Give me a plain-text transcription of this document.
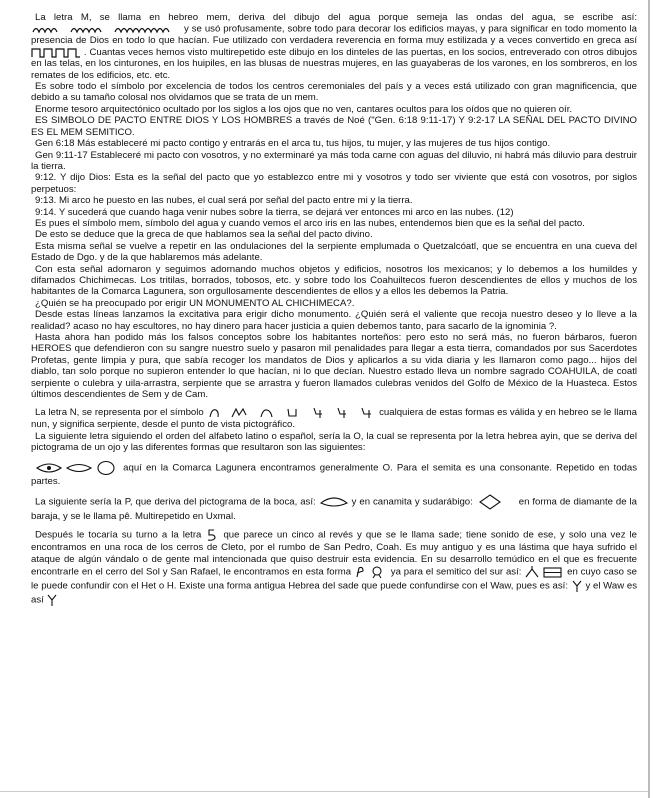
La letra M, se llama en hebreo mem, deriva del dibujo del agua porque semeja las ondas del agua, se escribe así:  y se usó profusamente, sobre todo para decorar los edificios mayas, y para significar en todo momento la presencia de Dios en todo lo que hacían. Fue utilizado con verdadera reverencia en forma muy estilizada y a veces convertido en greca así  . Cuantas veces hemos visto multirepetido este dibujo en los dinteles de las puertas, en los socios, entreverado con otros dibujos en las telas, en los cinturones, en los huipiles, en las blusas de nuestras mujeres, en las guayaberas de los varones, en los sombreros, en los remates de los edificios, etc. etc.

Es sobre todo el símbolo por excelencia de todos los centros ceremoniales del país y a veces está utilizado con gran magnificencia, que debido a su tamaño colosal nos olvidamos que se trata de un mem.

Enorme tesoro arquitectónico ocultado por los siglos a los ojos que no ven, cantares ocultos para los oídos que no quieren oír.

ES SIMBOLO DE PACTO ENTRE DIOS Y LOS HOMBRES a través de Noé ("Gen. 6:18 9:11-17) Y 9:2-17 LA SEÑAL DEL PACTO DIVINO ES EL MEM SEMITICO.

Gen 6:18 Más estableceré mi pacto contigo y entrarás en el arca tu, tus hijos, tu mujer, y las mujeres de tus hijos contigo.

Gen 9:11-17 Estableceré mi pacto con vosotros, y no exterminaré ya más toda carne con aguas del diluvio, ni habrá más diluvio para destruir la tierra.

9:12. Y dijo Dios: Esta es la señal del pacto que yo establezco entre mi y vosotros y todo ser viviente que está con vosotros, por siglos perpetuos:

9:13. Mi arco he puesto en las nubes, el cual será por señal del pacto entre mi y la tierra.

9:14. Y sucederá que cuando haga venir nubes sobre la tierra, se dejará ver entonces mi arco en las nubes. (12)

Es pues el símbolo mem, símbolo del agua y cuando vemos el arco iris en las nubes, entendemos bien que es la señal del pacto.

De esto se deduce que la greca de que hablamos sea la señal del pacto divino.

Esta misma señal se vuelve a repetir en las ondulaciones del la serpiente emplumada o Quetzalcóatl, que se encuentra en una cueva del Estado de Dgo. y de la que hablaremos más adelante.

Con esta señal adornaron y seguimos adornando muchos objetos y edificios, nosotros los mexicanos; y lo debemos a los humildes y difamados Chichimecas. Los tritilas, borrados, tobosos, etc. y sobre todo los Coahuiltecos fueron descendientes de ellos y muchos de los habitantes de la Comarca Lagunera, son orgullosamente descendientes de ellos y a ellos les debemos la Patria.

¿Quién se ha preocupado por erigir UN MONUMENTO AL CHICHIMECA?.

Desde estas líneas lanzamos la excitativa para erigir dicho monumento. ¿Quién será el valiente que recoja nuestro deseo y lo lleve a la realidad? acaso no hay escultores, no hay dinero para hacer justicia a quien debemos tanto, para sacarlo de la ignominia ?.

Hasta ahora han podido más los falsos conceptos sobre los habitantes norteños: pero esto no será más, no fueron bárbaros, fueron HEROES que defendieron con su sangre nuestro suelo y pasaron mil penalidades para llegar a esta tierra, comandados por sus Sacerdotes Profetas, gente limpia y pura, que sabía recoger los mandatos de Dios y aplicarlos a su vida diaria y les llamaron como pago... hijos del diablo, tan solo porque no supieron entender lo que hacían, ni lo que decían. Nuestro estado lleva un nombre sagrado COAHUILA, de coatl serpiente o culebra y uila-arrastra, serpiente que se arrastra y fueron llamados culebras venidos del Golfo de México de la Huasteca. Estos últimos descendientes de Sem y de Cam.

La letra N, se representa por el símbolo	cualquiera de estas formas es válida y en hebreo se le llama nun, y significa serpiente, desde el punto de vista pictográfico.

La siguiente letra siguiendo el orden del alfabeto latino o español, sería la O, la cual se representa por la letra hebrea ayin, que se deriva del pictograma de un ojo y las diferentes formas que resultaron son las siguientes:

aquí en la Comarca Lagunera encontramos generalmente O. Para el semita es una consonante. Repetido en todas partes.

La siguiente sería la P, que deriva del pictograma de la boca, así:	y en canamita y sudarábigo:	en forma de diamante de la baraja, y se le llama pê. Multirepetido en Uxmal.

Después le tocaría su turno a la letra que parece un cinco al revés y que se le llama sade; tiene sonido de ese, y solo una vez le encontramos en una roca de los cerros de Cleto, por el rumbo de San Pedro, Coah. Es muy antiguo y es una lástima que haya sufrido el ataque de algún vándalo o de gente mal intencionada que quiso destruir esta evidencia. En su desarrollo temúdico en el que es frecuente encontrarle en el cerro del Sol y San Rafael, le encontramos en esta forma	ya para el semitico del sur así:	en cuyo caso se le puede confundir con el Het o H. Existe una forma antigua Hebrea del sade que puede confundirse con el Waw, pues es así: y el Waw es así
